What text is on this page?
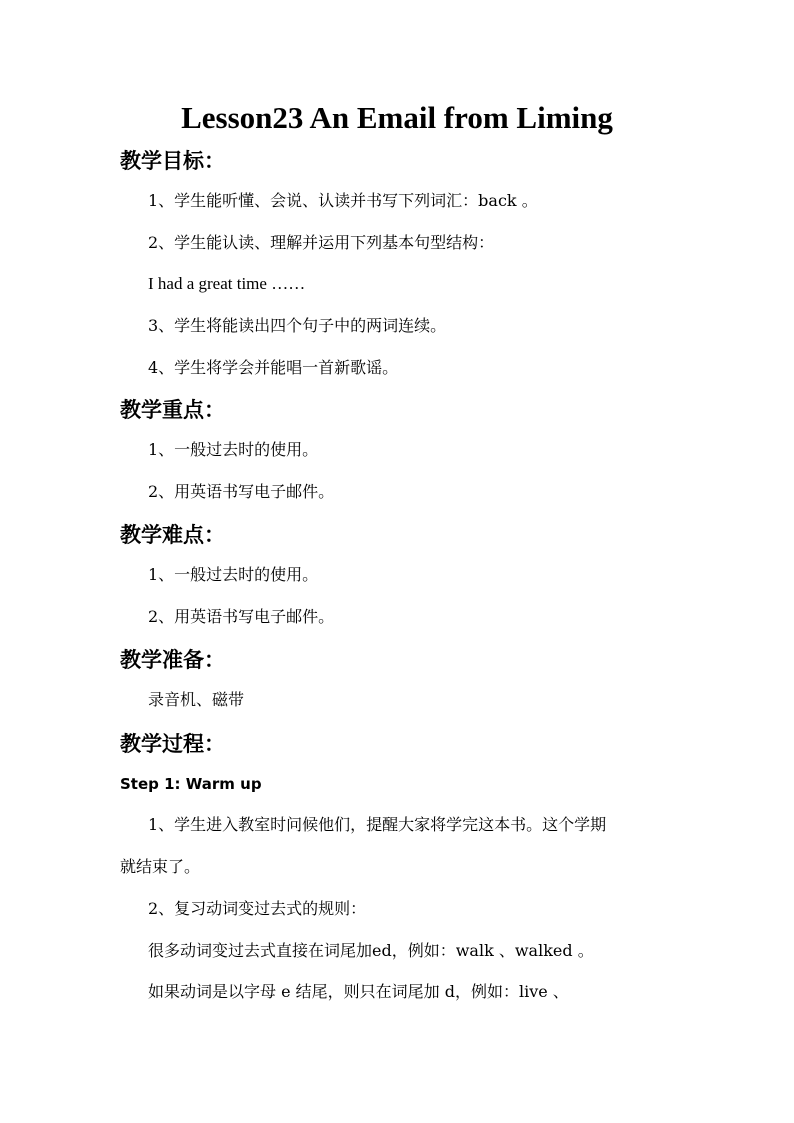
Lesson23 An Email from Liming
教学目标：

1、学生能听懂、会说、认读并书写下列词汇：back 。

2、学生能认读、理解并运用下列基本句型结构：

I had a great time ……

3、学生将能读出四个句子中的两词连续。

4、学生将学会并能唱一首新歌谣。

教学重点：

1、一般过去时的使用。

2、用英语书写电子邮件。

教学难点：

1、一般过去时的使用。

2、用英语书写电子邮件。

教学准备：

录音机、磁带

教学过程：

Step 1: Warm up

1、学生进入教室时问候他们，提醒大家将学完这本书。这个学期

就结束了。

2、复习动词变过去式的规则：

很多动词变过去式直接在词尾加ed，例如：walk 、walked 。

如果动词是以字母 e 结尾，则只在词尾加 d，例如：live 、
